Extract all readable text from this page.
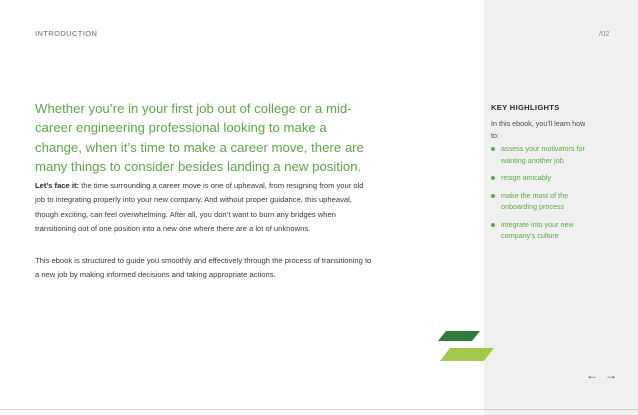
INTRODUCTION	/02
Whether you’re in your first job out of college or a mid-career engineering professional looking to make a change, when it’s time to make a career move, there are many things to consider besides landing a new position.
Let’s face it: the time surrounding a career move is one of upheaval, from resigning from your old job to integrating properly into your new company. And without proper guidance, this upheaval, though exciting, can feel overwhelming. After all, you don’t want to burn any bridges when transitioning out of one position into a new one where there are a lot of unknowns.
This ebook is structured to guide you smoothly and effectively through the process of transitioning to a new job by making informed decisions and taking appropriate actions.
KEY HIGHLIGHTS
In this ebook, you’ll learn how to:
assess your motivators for wanting another job
resign amicably
make the most of the onboarding process
integrate into your new company’s culture
← →
